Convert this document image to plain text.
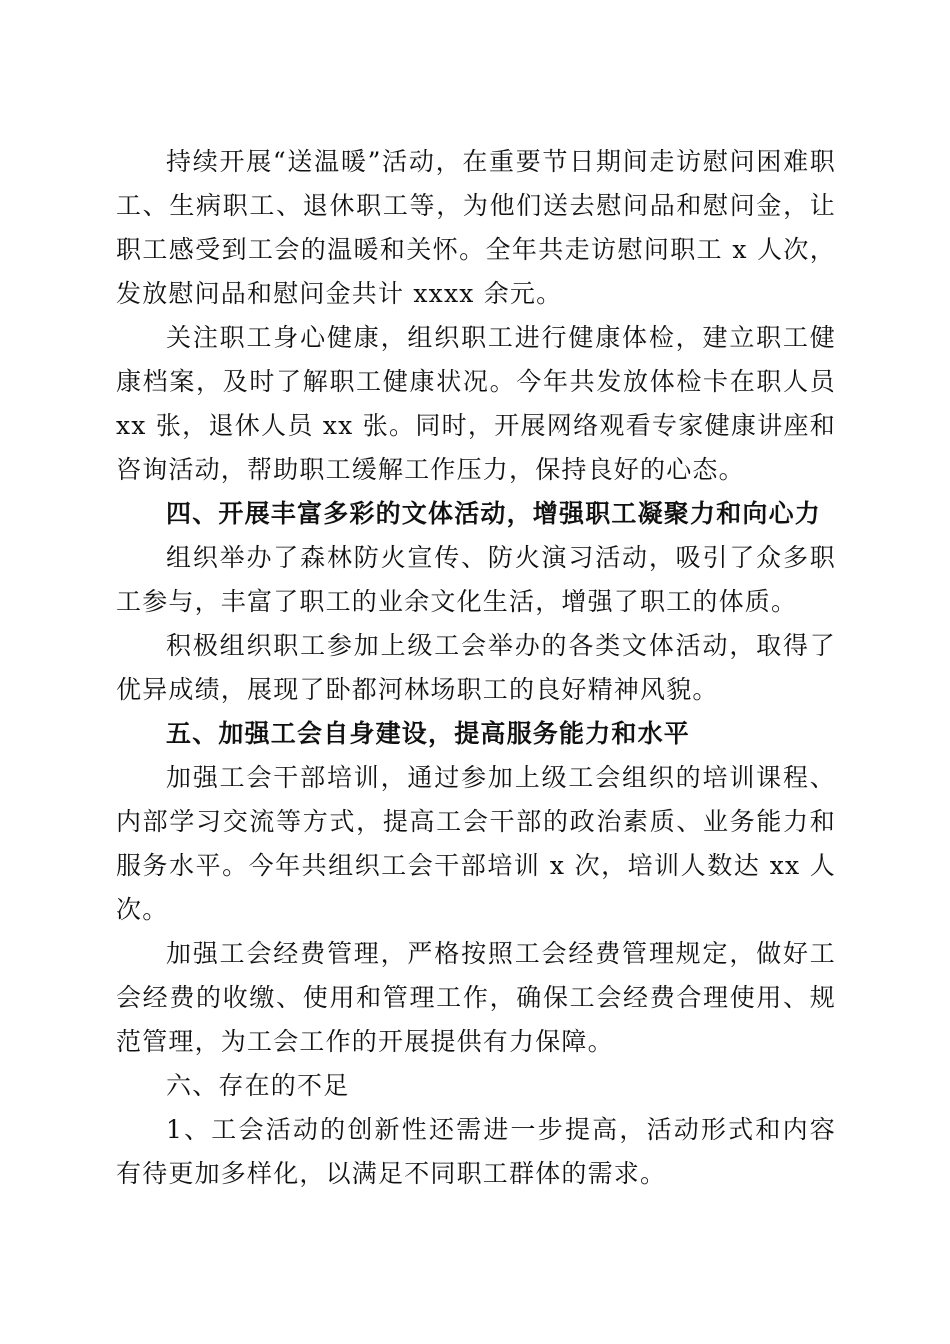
持续开展“送温暖”活动，在重要节日期间走访慰问困难职工、生病职工、退休职工等，为他们送去慰问品和慰问金，让职工感受到工会的温暖和关怀。全年共走访慰问职工 x 人次，发放慰问品和慰问金共计 xxxx 余元。

关注职工身心健康，组织职工进行健康体检，建立职工健康档案，及时了解职工健康状况。今年共发放体检卡在职人员 xx 张，退休人员 xx 张。同时，开展网络观看专家健康讲座和咨询活动，帮助职工缓解工作压力，保持良好的心态。

四、开展丰富多彩的文体活动，增强职工凝聚力和向心力

组织举办了森林防火宣传、防火演习活动，吸引了众多职工参与，丰富了职工的业余文化生活，增强了职工的体质。

积极组织职工参加上级工会举办的各类文体活动，取得了优异成绩，展现了卧都河林场职工的良好精神风貌。

五、加强工会自身建设，提高服务能力和水平

加强工会干部培训，通过参加上级工会组织的培训课程、内部学习交流等方式，提高工会干部的政治素质、业务能力和服务水平。今年共组织工会干部培训 x 次，培训人数达 xx 人次。

加强工会经费管理，严格按照工会经费管理规定，做好工会经费的收缴、使用和管理工作，确保工会经费合理使用、规范管理，为工会工作的开展提供有力保障。

六、存在的不足

1、工会活动的创新性还需进一步提高，活动形式和内容有待更加多样化，以满足不同职工群体的需求。
